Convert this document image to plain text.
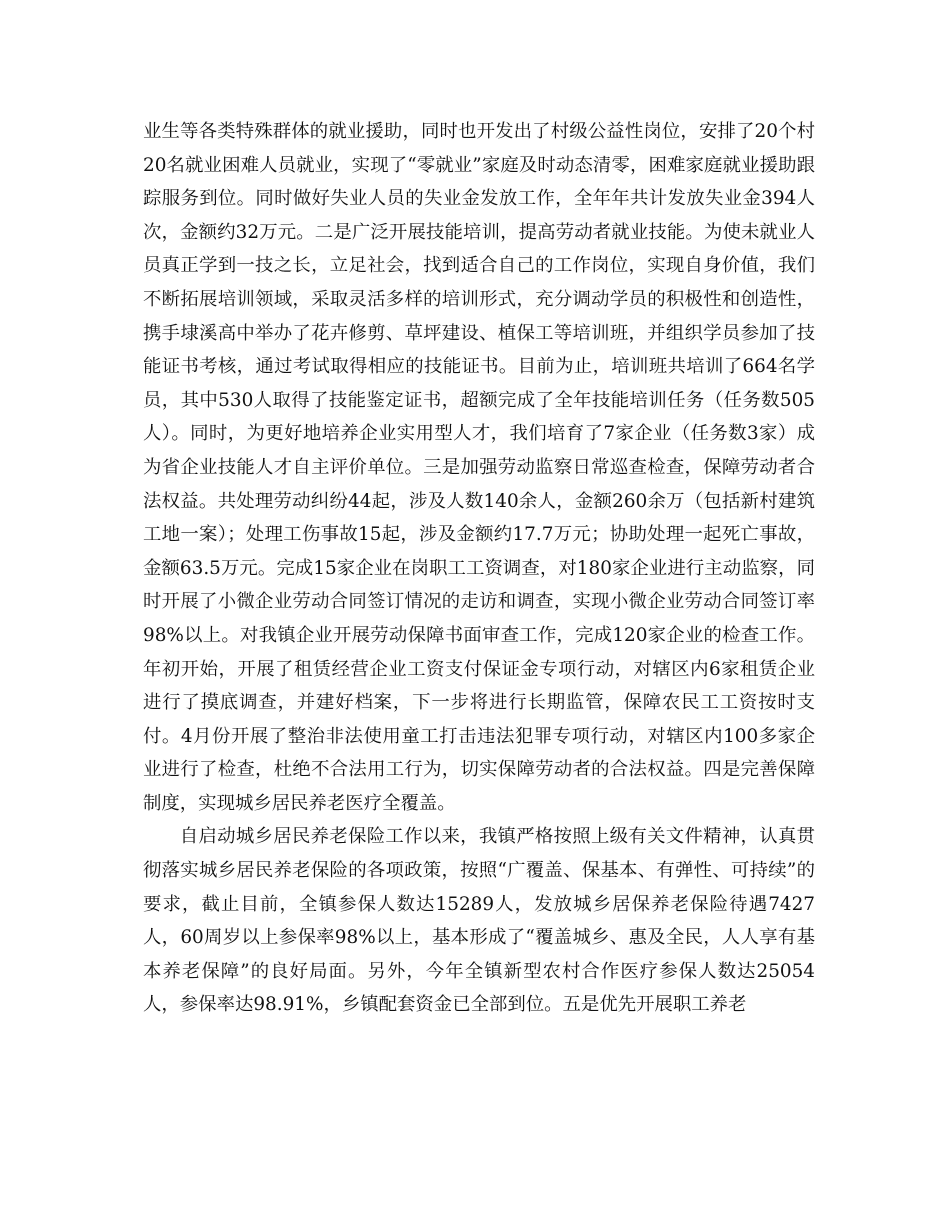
业生等各类特殊群体的就业援助，同时也开发出了村级公益性岗位，安排了20个村20名就业困难人员就业，实现了“零就业”家庭及时动态清零，困难家庭就业援助跟踪服务到位。同时做好失业人员的失业金发放工作，全年年共计发放失业金394人次，金额约32万元。二是广泛开展技能培训，提高劳动者就业技能。为使未就业人员真正学到一技之长，立足社会，找到适合自己的工作岗位，实现自身价值，我们不断拓展培训领域，采取灵活多样的培训形式，充分调动学员的积极性和创造性，携手埭溪高中举办了花卉修剪、草坪建设、植保工等培训班，并组织学员参加了技能证书考核，通过考试取得相应的技能证书。目前为止，培训班共培训了664名学员，其中530人取得了技能鉴定证书，超额完成了全年技能培训任务（任务数505人）。同时，为更好地培养企业实用型人才，我们培育了7家企业（任务数3家）成为省企业技能人才自主评价单位。三是加强劳动监察日常巡查检查，保障劳动者合法权益。共处理劳动纠纷44起，涉及人数140余人，金额260余万（包括新村建筑工地一案）；处理工伤事故15起，涉及金额约17.7万元；协助处理一起死亡事故，金额63.5万元。完成15家企业在岗职工工资调查，对180家企业进行主动监察，同时开展了小微企业劳动合同签订情况的走访和调查，实现小微企业劳动合同签订率98%以上。对我镇企业开展劳动保障书面审查工作，完成120家企业的检查工作。年初开始，开展了租赁经营企业工资支付保证金专项行动，对辖区内6家租赁企业进行了摸底调查，并建好档案，下一步将进行长期监管，保障农民工工资按时支付。4月份开展了整治非法使用童工打击违法犯罪专项行动，对辖区内100多家企业进行了检查，杜绝不合法用工行为，切实保障劳动者的合法权益。四是完善保障制度，实现城乡居民养老医疗全覆盖。

自启动城乡居民养老保险工作以来，我镇严格按照上级有关文件精神，认真贯彻落实城乡居民养老保险的各项政策，按照“广覆盖、保基本、有弹性、可持续”的要求，截止目前，全镇参保人数达15289人，发放城乡居保养老保险待遇7427人，60周岁以上参保率98%以上，基本形成了“覆盖城乡、惠及全民，人人享有基本养老保障”的良好局面。另外，今年全镇新型农村合作医疗参保人数达25054人，参保率达98.91%，乡镇配套资金已全部到位。五是优先开展职工养老
